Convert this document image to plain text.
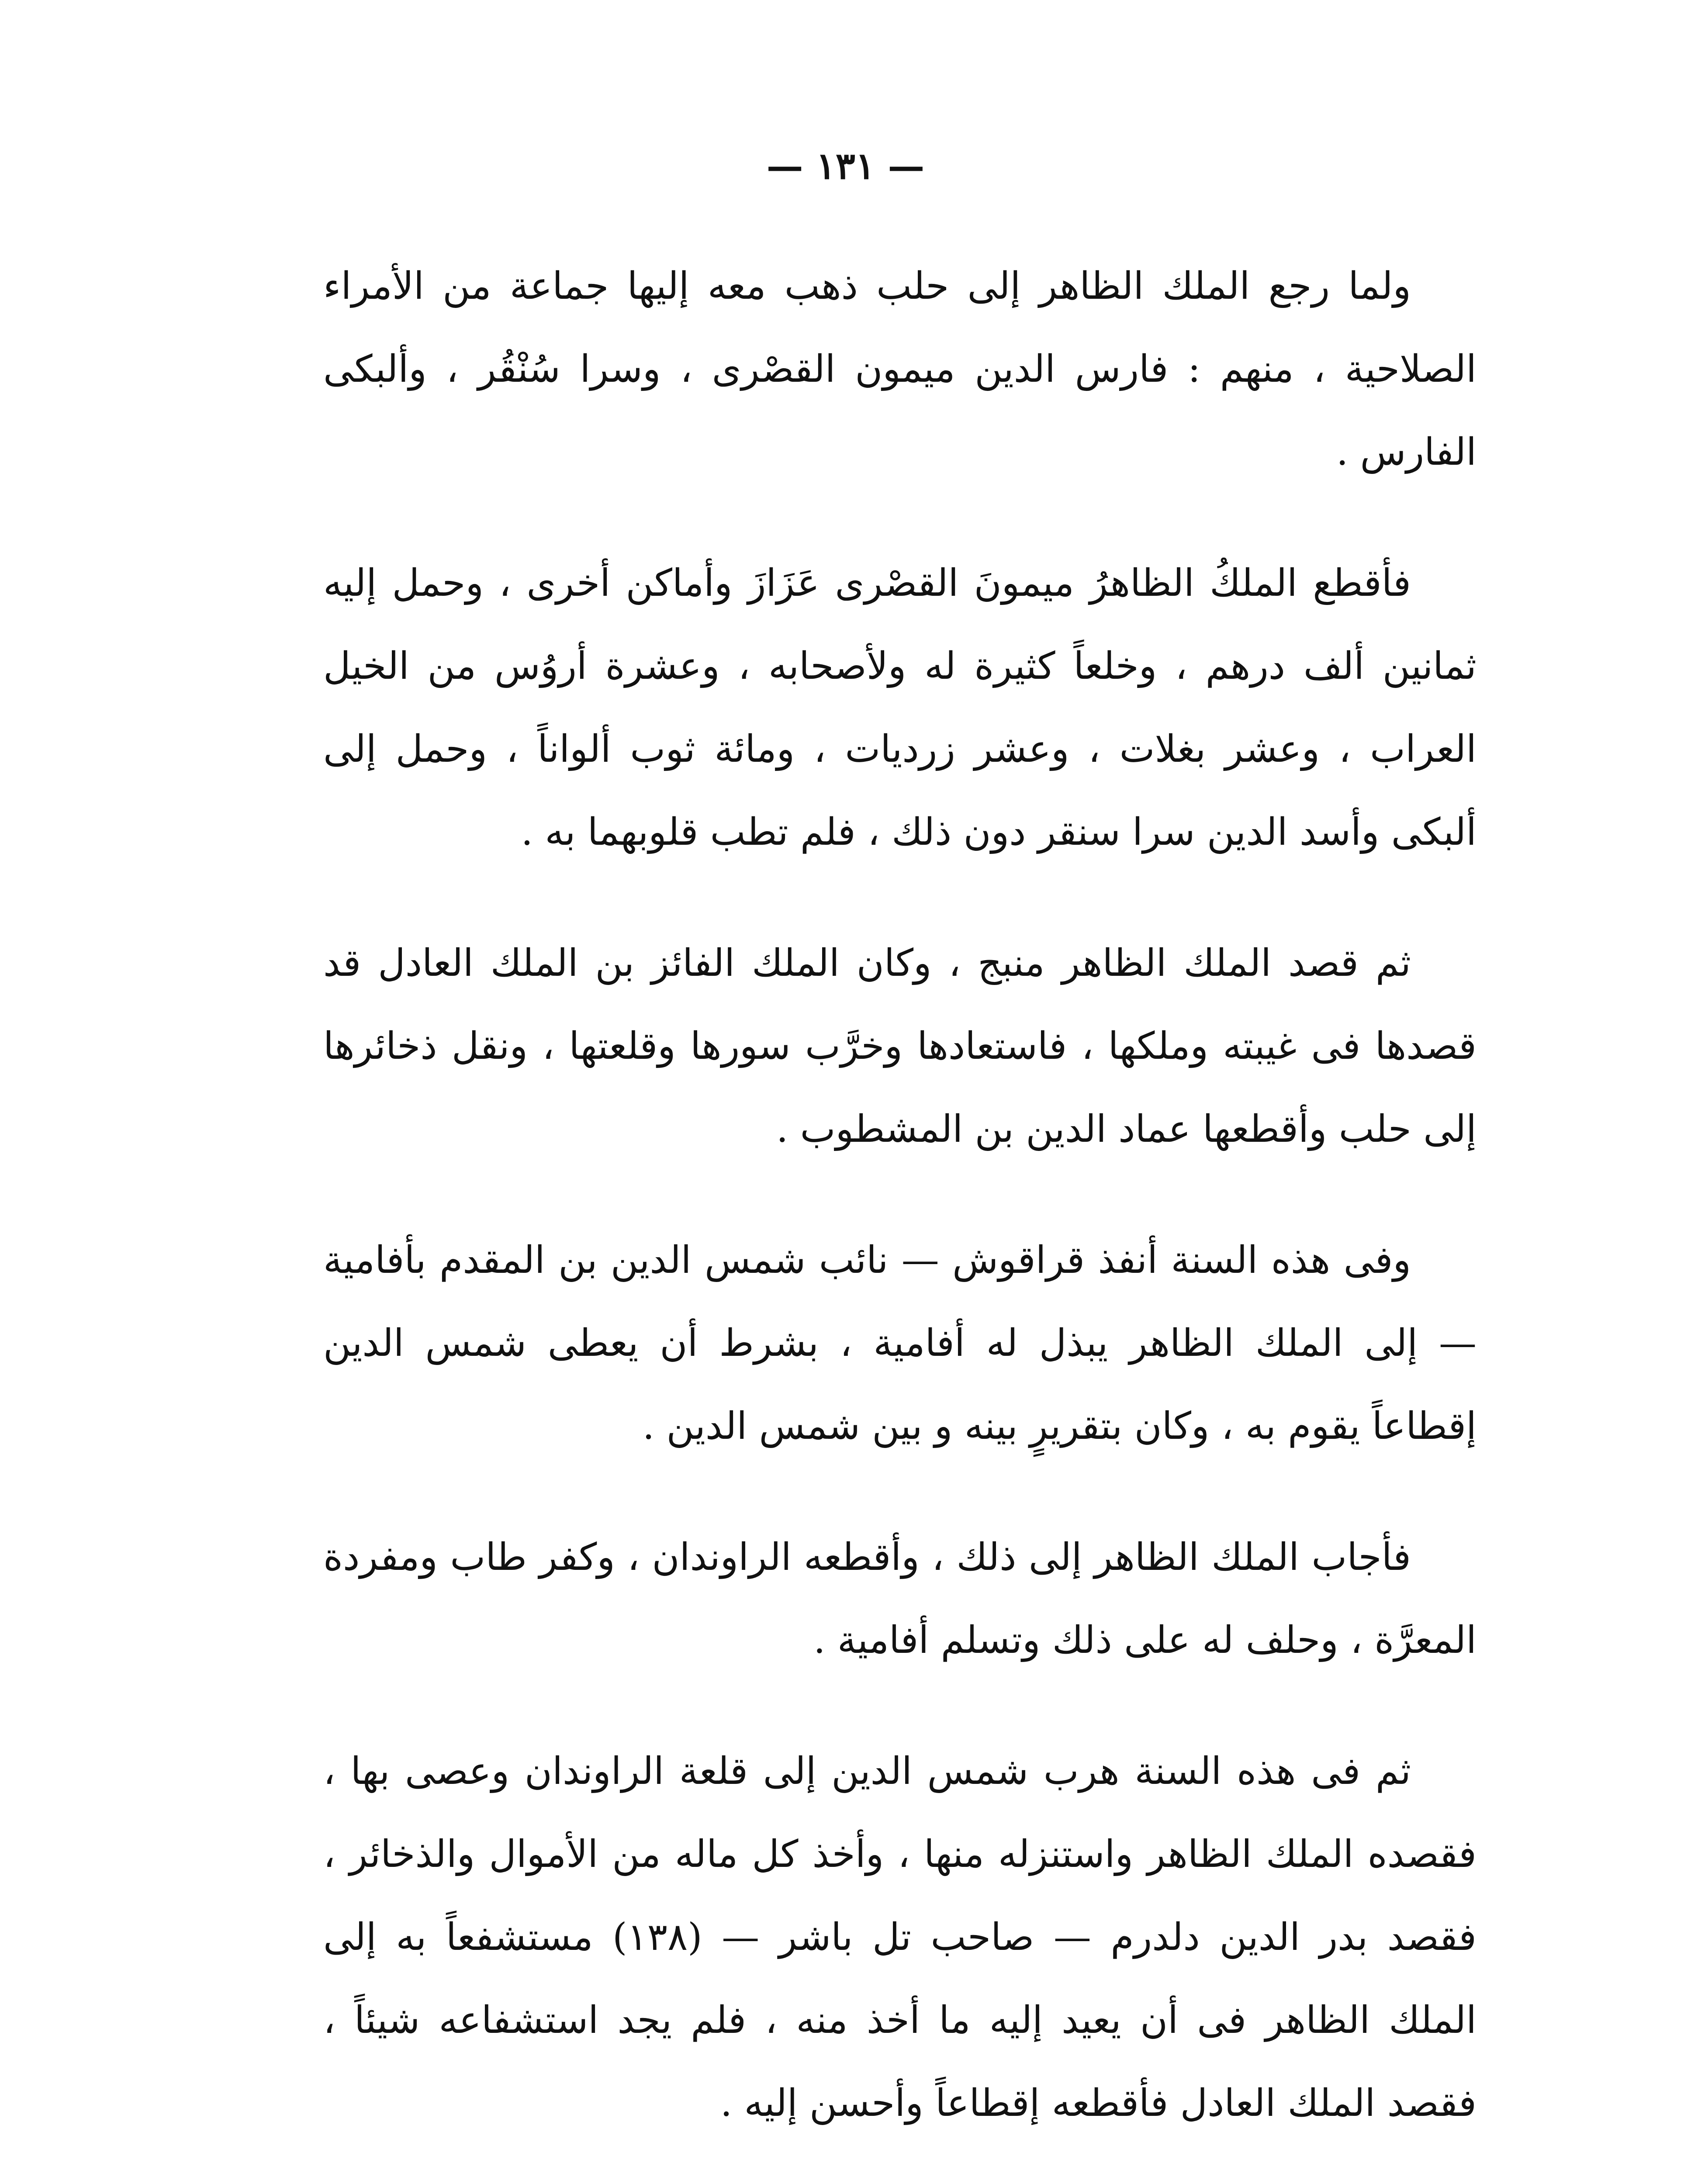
— ١٣١ —

ولما رجع الملك الظاهر إلى حلب ذهب معه إليها جماعة من الأمراء الصلاحية ، منهم : فارس الدين ميمون القصْرى ، وسرا سُنْقُر ، وألبكى الفارس .

فأقطع الملكُ الظاهرُ ميمونَ القصْرى عَزَازَ وأماكن أخرى ، وحمل إليه ثمانين ألف درهم ، وخلعاً كثيرة له ولأصحابه ، وعشرة أروُس من الخيل العراب ، وعشر بغلات ، وعشر زرديات ، ومائة ثوب ألواناً ، وحمل إلى ألبكى وأسد الدين سرا سنقر دون ذلك ، فلم تطب قلوبهما به .

ثم قصد الملك الظاهر منبج ، وكان الملك الفائز بن الملك العادل قد قصدها فى غيبته وملكها ، فاستعادها وخرَّب سورها وقلعتها ، ونقل ذخائرها إلى حلب وأقطعها عماد الدين بن المشطوب .

وفى هذه السنة أنفذ قراقوش — نائب شمس الدين بن المقدم بأفامية — إلى الملك الظاهر يبذل له أفامية ، بشرط أن يعطى شمس الدين إقطاعاً يقوم به ، وكان بتقريرٍ بينه و بين شمس الدين .

فأجاب الملك الظاهر إلى ذلك ، وأقطعه الراوندان ، وكفر طاب ومفردة المعرَّة ، وحلف له على ذلك وتسلم أفامية .

ثم فى هذه السنة هرب شمس الدين إلى قلعة الراوندان وعصى بها ، فقصده الملك الظاهر واستنزله منها ، وأخذ كل ماله من الأموال والذخائر ، فقصد بدر الدين دلدرم — صاحب تل باشر — (١٣٨) مستشفعاً به إلى الملك الظاهر فى أن يعيد إليه ما أخذ منه ، فلم يجد استشفاعه شيئاً ، فقصد الملك العادل فأقطعه إقطاعاً وأحسن إليه .
